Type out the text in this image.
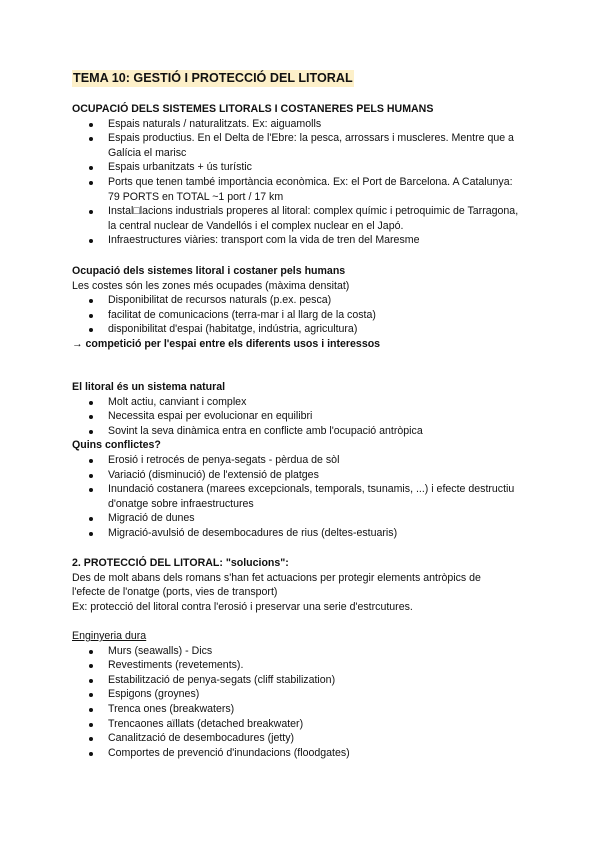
TEMA 10: GESTIÓ I PROTECCIÓ DEL LITORAL
OCUPACIÓ DELS SISTEMES LITORALS I COSTANERES PELS HUMANS
Espais naturals / naturalitzats. Ex: aiguamolls
Espais productius. En el Delta de l'Ebre: la pesca, arrossars i muscleres. Mentre que a Galícia el marisc
Espais urbanitzats + ús turístic
Ports que tenen també importància econòmica. Ex: el Port de Barcelona. A Catalunya: 79 PORTS en TOTAL ~1 port / 17 km
Instal□lacions industrials properes al litoral: complex químic i petroquimic de Tarragona, la central nuclear de Vandellós i el complex nuclear en el Japó.
Infraestructures viàries: transport com la vida de tren del Maresme
Ocupació dels sistemes litoral i costaner pels humans
Les costes són les zones més ocupades (màxima densitat)
Disponibilitat de recursos naturals (p.ex. pesca)
facilitat de comunicacions (terra-mar i al llarg de la costa)
disponibilitat d'espai (habitatge, indústria, agricultura)
→ competició per l'espai entre els diferents usos i interessos
El litoral és un sistema natural
Molt actiu, canviant i complex
Necessita espai per evolucionar en equilibri
Sovint la seva dinàmica entra en conflicte amb l'ocupació antròpica
Quins conflictes?
Erosió i retrocés de penya-segats - pèrdua de sòl
Variació (disminució) de l'extensió de platges
Inundació costanera (marees excepcionals, temporals, tsunamis, ...) i efecte destructiu d'onatge sobre infraestructures
Migració de dunes
Migració-avulsió de desembocadures de rius (deltes-estuaris)
2. PROTECCIÓ DEL LITORAL: "solucions":
Des de molt abans dels romans s'han fet actuacions per protegir elements antròpics de l'efecte de l'onatge (ports, vies de transport)
Ex: protecció del litoral contra l'erosió i preservar una serie d'estrcutures.
Enginyeria dura
Murs (seawalls) - Dics
Revestiments (revetements).
Estabilització de penya-segats (cliff stabilization)
Espigons (groynes)
Trenca ones (breakwaters)
Trencaones aïllats (detached breakwater)
Canalització de desembocadures (jetty)
Comportes de prevenció d'inundacions (floodgates)
